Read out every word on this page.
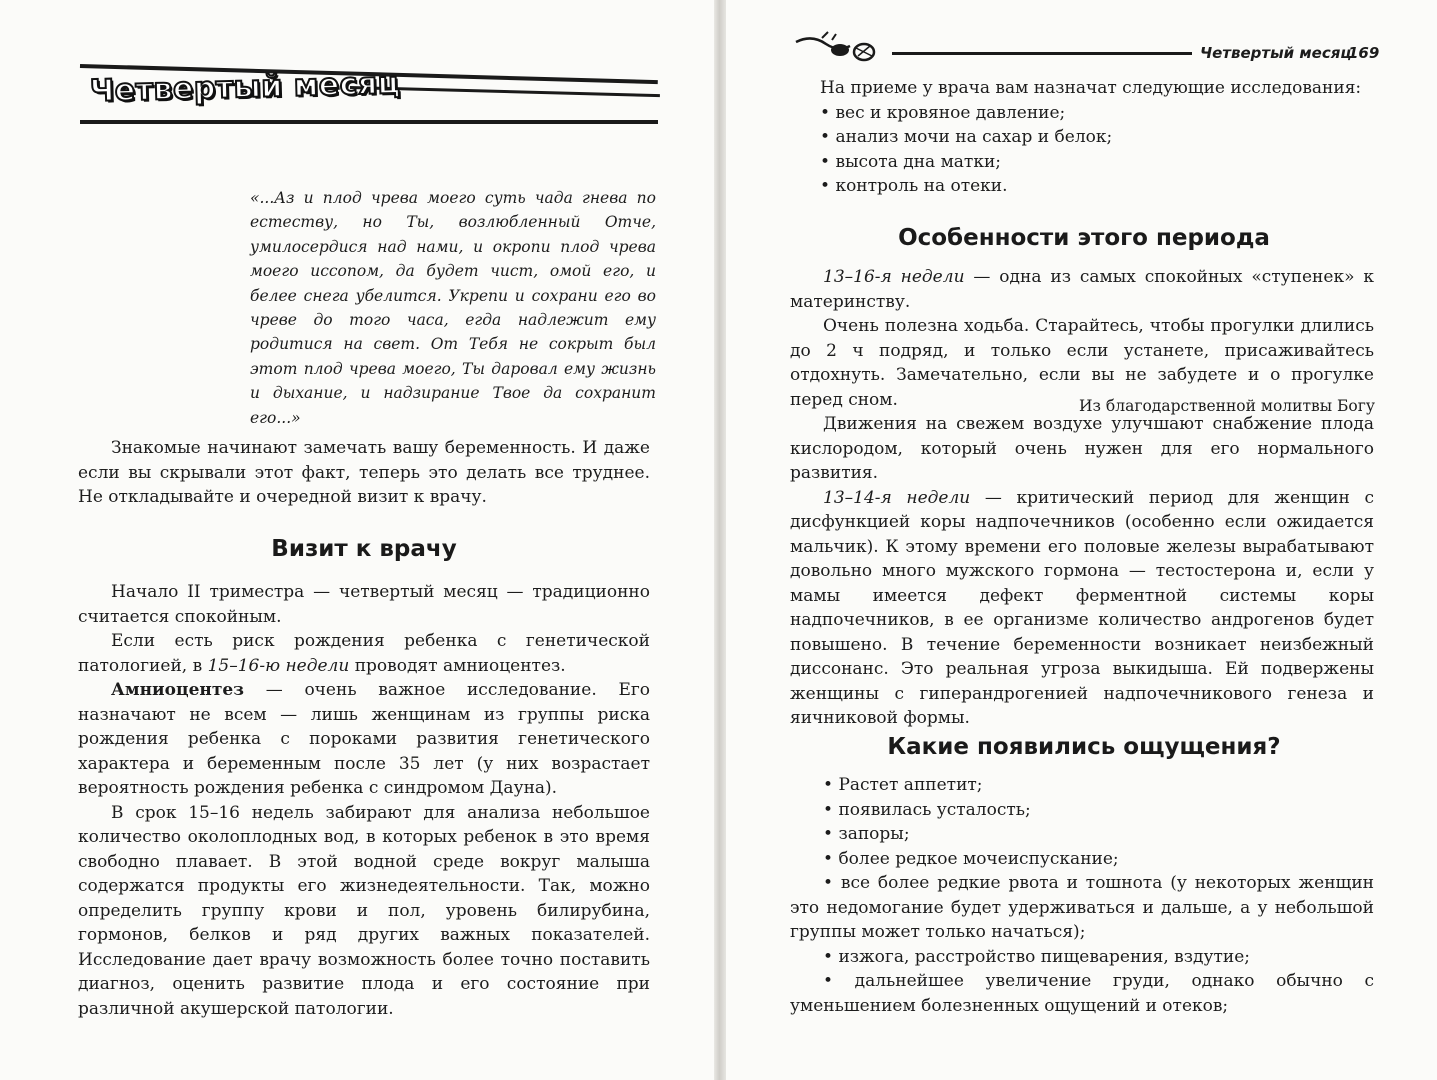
Четвертый месяц
«...Аз и плод чрева моего суть чада гнева по естеству, но Ты, возлюбленный Отче, умилосердися над нами, и окропи плод чрева моего иссопом, да будет чист, омой его, и белее снега убелится. Укрепи и сохрани его во чреве до того часа, егда надлежит ему родитися на свет. От Тебя не сокрыт был этот плод чрева моего, Ты даровал ему жизнь и дыхание, и надзирание Твое да сохранит его...»
Из благодарственной молитвы Богу

Знакомые начинают замечать вашу беременность. И даже если вы скрывали этот факт, теперь это делать все труднее. Не откладывайте и очередной визит к врачу.

Визит к врачу

Начало II триместра — четвертый месяц — традиционно считается спокойным.

Если есть риск рождения ребенка с генетической патологией, в 15–16-ю недели проводят амниоцентез.

Амниоцентез — очень важное исследование. Его назначают не всем — лишь женщинам из группы риска рождения ребенка с пороками развития генетического характера и беременным после 35 лет (у них возрастает вероятность рождения ребенка с синдромом Дауна).

В срок 15–16 недель забирают для анализа небольшое количество околоплодных вод, в которых ребенок в это время свободно плавает. В этой водной среде вокруг малыша содержатся продукты его жизнедеятельности. Так, можно определить группу крови и пол, уровень билирубина, гормонов, белков и ряд других важных показателей. Исследование дает врачу возможность более точно поставить диагноз, оценить развитие плода и его состояние при различной акушерской патологии.

Четвертый месяц
169

На приеме у врача вам назначат следующие исследования:

• вес и кровяное давление;
• анализ мочи на сахар и белок;
• высота дна матки;
• контроль на отеки.
Особенности этого периода

13–16-я недели — одна из самых спокойных «ступенек» к материнству.

Очень полезна ходьба. Старайтесь, чтобы прогулки длились до 2 ч подряд, и только если устанете, присаживайтесь отдохнуть. Замечательно, если вы не забудете и о прогулке перед сном.

Движения на свежем воздухе улучшают снабжение плода кислородом, который очень нужен для его нормального развития.

13–14-я недели — критический период для женщин с дисфункцией коры надпочечников (особенно если ожидается мальчик). К этому времени его половые железы вырабатывают довольно много мужского гормона — тестостерона и, если у мамы имеется дефект ферментной системы коры надпочечников, в ее организме количество андрогенов будет повышено. В течение беременности возникает неизбежный диссонанс. Это реальная угроза выкидыша. Ей подвержены женщины с гиперандрогенией надпочечникового генеза и яичниковой формы.

Какие появились ощущения?
• Растет аппетит;
• появилась усталость;
• запоры;
• более редкое мочеиспускание;
• все более редкие рвота и тошнота (у некоторых женщин это недомогание будет удерживаться и дальше, а у небольшой группы может только начаться);
• изжога, расстройство пищеварения, вздутие;
• дальнейшее увеличение груди, однако обычно с уменьшением болезненных ощущений и отеков;
